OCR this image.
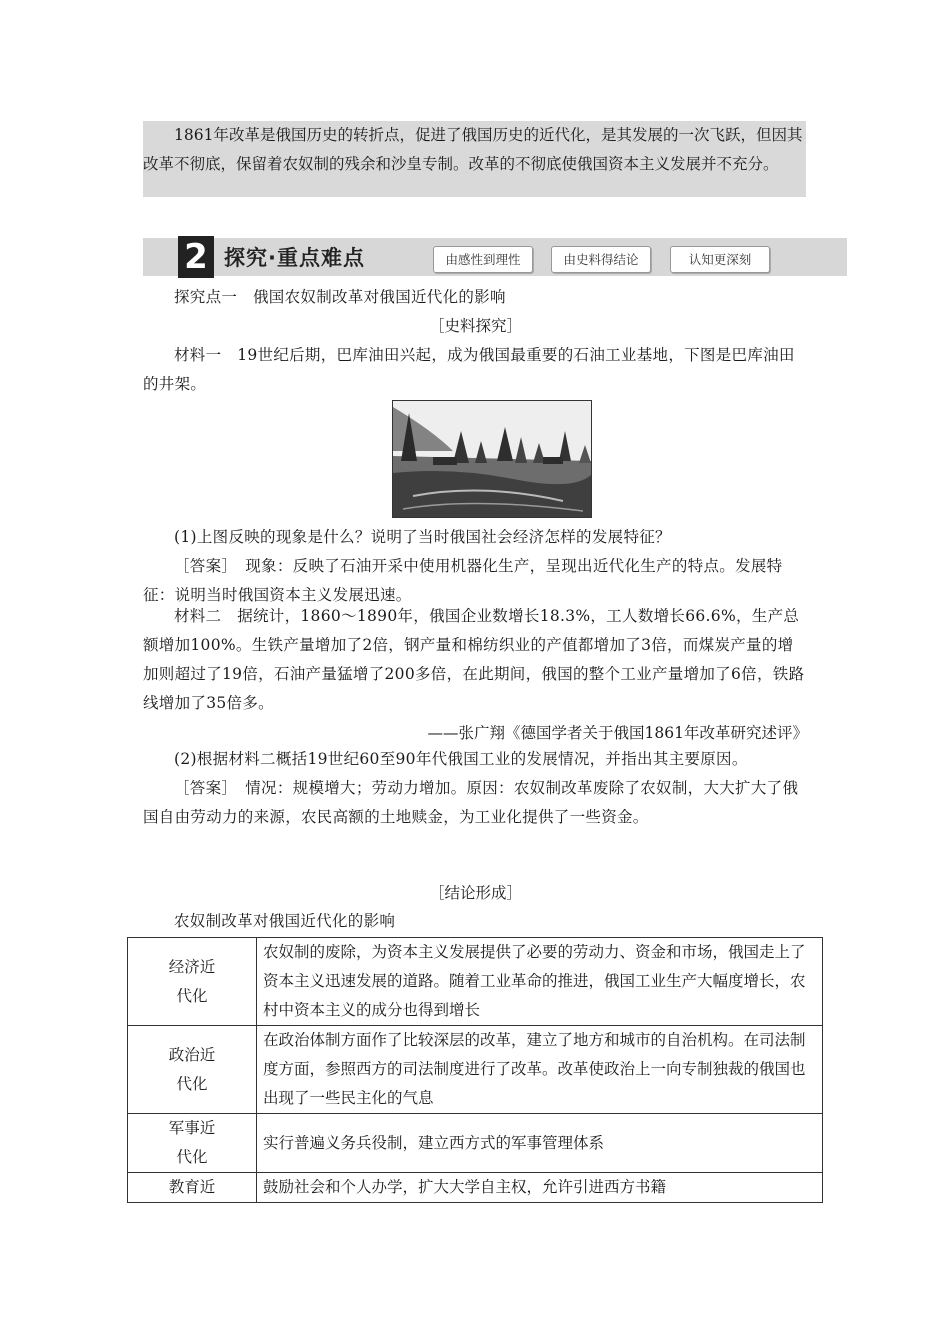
1861年改革是俄国历史的转折点，促进了俄国历史的近代化，是其发展的一次飞跃，但因其改革不彻底，保留着农奴制的残余和沙皇专制。改革的不彻底使俄国资本主义发展并不充分。
2 探究·重点难点	由感性到理性	由史料得结论	认知更深刻
探究点一　俄国农奴制改革对俄国近代化的影响
［史料探究］
材料一　19世纪后期，巴库油田兴起，成为俄国最重要的石油工业基地，下图是巴库油田的井架。
(1)上图反映的现象是什么？说明了当时俄国社会经济怎样的发展特征？
［答案］　现象：反映了石油开采中使用机器化生产，呈现出近代化生产的特点。发展特征：说明当时俄国资本主义发展迅速。
材料二　据统计，1860～1890年，俄国企业数增长18.3%，工人数增长66.6%，生产总额增加100%。生铁产量增加了2倍，钢产量和棉纺织业的产值都增加了3倍，而煤炭产量的增加则超过了19倍，石油产量猛增了200多倍，在此期间，俄国的整个工业产量增加了6倍，铁路线增加了35倍多。
——张广翔《德国学者关于俄国1861年改革研究述评》
(2)根据材料二概括19世纪60至90年代俄国工业的发展情况，并指出其主要原因。
［答案］　情况：规模增大；劳动力增加。原因：农奴制改革废除了农奴制，大大扩大了俄国自由劳动力的来源，农民高额的土地赎金，为工业化提供了一些资金。
［结论形成］
农奴制改革对俄国近代化的影响
经济近
代化	农奴制的废除，为资本主义发展提供了必要的劳动力、资金和市场，俄国走上了资本主义迅速发展的道路。随着工业革命的推进，俄国工业生产大幅度增长，农村中资本主义的成分也得到增长
政治近
代化	在政治体制方面作了比较深层的改革，建立了地方和城市的自治机构。在司法制度方面，参照西方的司法制度进行了改革。改革使政治上一向专制独裁的俄国也出现了一些民主化的气息
军事近
代化	实行普遍义务兵役制，建立西方式的军事管理体系
教育近	鼓励社会和个人办学，扩大大学自主权，允许引进西方书籍
